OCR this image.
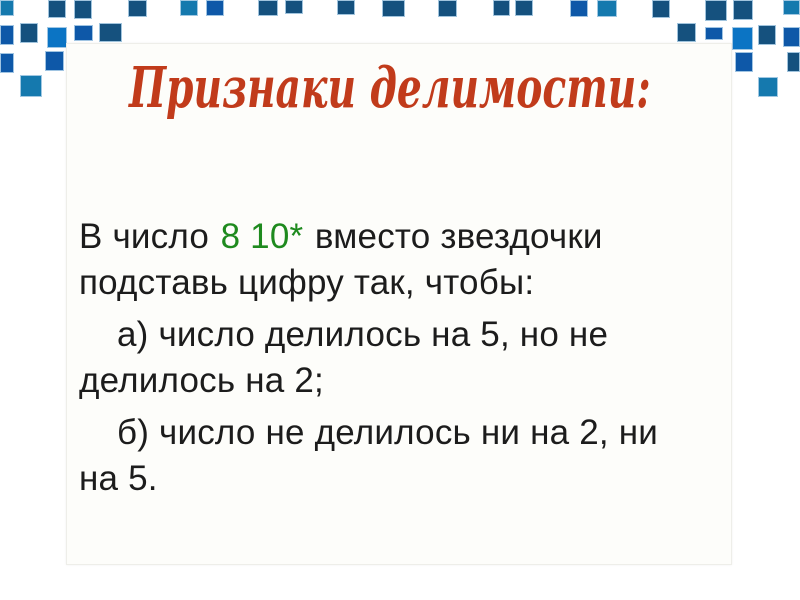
Признаки делимости:
В число 8 10* вместо звездочки
подставь цифру так, чтобы:
а) число делилось на 5, но не
делилось на 2;
б) число не делилось ни на 2, ни
на 5.
